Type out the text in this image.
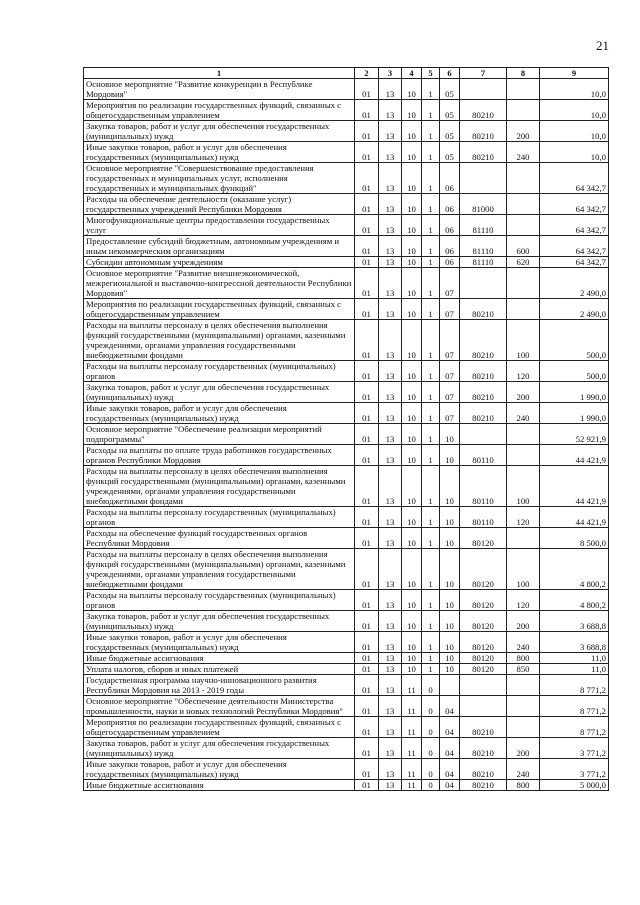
21
1	2	3	4	5	6	7	8	9
Основное мероприятие "Развитие конкуренции в Республике Мордовия"	01	13	10	1	05			10,0
Мероприятия по реализации государственных функций, связанных с общегосударственным управлением	01	13	10	1	05	80210		10,0
Закупка товаров, работ и услуг для обеспечения государственных (муниципальных) нужд	01	13	10	1	05	80210	200	10,0
Иные закупки товаров, работ и услуг для обеспечения государственных (муниципальных) нужд	01	13	10	1	05	80210	240	10,0
Основное мероприятие "Совершенствование предоставления государственных и муниципальных услуг, исполнения государственных и муниципальных функций"	01	13	10	1	06			64 342,7
Расходы на обеспечение деятельности (оказание услуг) государственных учреждений Республики Мордовия	01	13	10	1	06	81000		64 342,7
Многофункциональные центры предоставления государственных услуг	01	13	10	1	06	81110		64 342,7
Предоставление субсидий бюджетным, автономным учреждениям и иным некоммерческим организациям	01	13	10	1	06	81110	600	64 342,7
Субсидии автономным учреждениям	01	13	10	1	06	81110	620	64 342,7
Основное мероприятие "Развитие внешнеэкономической, межрегиональной и выставочно-конгрессной деятельности Республики Мордовия"	01	13	10	1	07			2 490,0
Мероприятия по реализации государственных функций, связанных с общегосударственным управлением	01	13	10	1	07	80210		2 490,0
Расходы на выплаты персоналу в целях обеспечения выполнения функций государственными (муниципальными) органами, казенными учреждениями, органами управления государственными внебюджетными фондами	01	13	10	1	07	80210	100	500,0
Расходы на выплаты персоналу государственных (муниципальных) органов	01	13	10	1	07	80210	120	500,0
Закупка товаров, работ и услуг для обеспечения государственных (муниципальных) нужд	01	13	10	1	07	80210	200	1 990,0
Иные закупки товаров, работ и услуг для обеспечения государственных (муниципальных) нужд	01	13	10	1	07	80210	240	1 990,0
Основное мероприятие "Обеспечение реализации мероприятий подпрограммы"	01	13	10	1	10			52 921,9
Расходы на выплаты по оплате труда работников государственных органов Республики Мордовия	01	13	10	1	10	80110		44 421,9
Расходы на выплаты персоналу в целях обеспечения выполнения функций государственными (муниципальными) органами, казенными учреждениями, органами управления государственными внебюджетными фондами	01	13	10	1	10	80110	100	44 421,9
Расходы на выплаты персоналу государственных (муниципальных) органов	01	13	10	1	10	80110	120	44 421,9
Расходы на обеспечение функций государственных органов Республики Мордовия	01	13	10	1	10	80120		8 500,0
Расходы на выплаты персоналу в целях обеспечения выполнения функций государственными (муниципальными) органами, казенными учреждениями, органами управления государственными внебюджетными фондами	01	13	10	1	10	80120	100	4 800,2
Расходы на выплаты персоналу государственных (муниципальных) органов	01	13	10	1	10	80120	120	4 800,2
Закупка товаров, работ и услуг для обеспечения государственных (муниципальных) нужд	01	13	10	1	10	80120	200	3 688,8
Иные закупки товаров, работ и услуг для обеспечения государственных (муниципальных) нужд	01	13	10	1	10	80120	240	3 688,8
Иные бюджетные ассигнования	01	13	10	1	10	80120	800	11,0
Уплата налогов, сборов и иных платежей	01	13	10	1	10	80120	850	11,0
Государственная программа научно-инновационного развития Республики Мордовия на 2013 - 2019 годы	01	13	11	0				8 771,2
Основное мероприятие "Обеспечение деятельности Министерства промышленности, науки и новых технологий Республики Мордовия"	01	13	11	0	04			8 771,2
Мероприятия по реализации государственных функций, связанных с общегосударственным управлением	01	13	11	0	04	80210		8 771,2
Закупка товаров, работ и услуг для обеспечения государственных (муниципальных) нужд	01	13	11	0	04	80210	200	3 771,2
Иные закупки товаров, работ и услуг для обеспечения государственных (муниципальных) нужд	01	13	11	0	04	80210	240	3 771,2
Иные бюджетные ассигнования	01	13	11	0	04	80210	800	5 000,0
